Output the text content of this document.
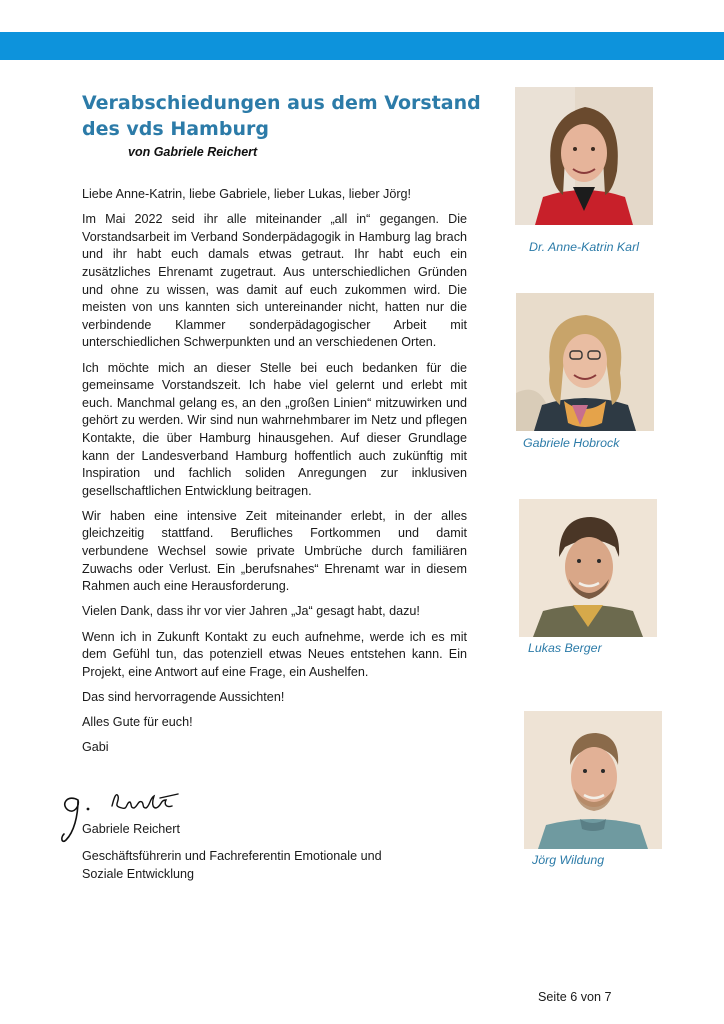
Verabschiedungen aus dem Vorstand
des vds Hamburg
von Gabriele Reichert

Liebe Anne-Katrin, liebe Gabriele, lieber Lukas, lieber Jörg!

Im Mai 2022 seid ihr alle miteinander „all in“ gegangen. Die Vorstandsarbeit im Verband Sonderpädagogik in Hamburg lag brach und ihr habt euch damals etwas getraut. Ihr habt euch ein zusätzliches Ehrenamt zugetraut. Aus unterschiedlichen Gründen und ohne zu wissen, was damit auf euch zukommen wird. Die meisten von uns kannten sich untereinander nicht, hatten nur die verbindende Klammer sonderpädagogischer Arbeit mit unterschiedlichen Schwerpunkten und an verschiedenen Orten.

Ich möchte mich an dieser Stelle bei euch bedanken für die gemeinsame Vorstandszeit. Ich habe viel gelernt und erlebt mit euch. Manchmal gelang es, an den „großen Linien“ mitzuwirken und gehört zu werden. Wir sind nun wahrnehmbarer im Netz und pflegen Kontakte, die über Hamburg hinausgehen. Auf dieser Grundlage kann der Landesverband Hamburg hoffentlich auch zukünftig mit Inspiration und fachlich soliden Anregungen zur inklusiven gesellschaftlichen Entwicklung beitragen.

Wir haben eine intensive Zeit miteinander erlebt, in der alles gleichzeitig stattfand. Berufliches Fortkommen und damit verbundene Wechsel sowie private Umbrüche durch familiären Zuwachs oder Verlust. Ein „berufsnahes“ Ehrenamt war in diesem Rahmen auch eine Herausforderung.

Vielen Dank, dass ihr vor vier Jahren „Ja“ gesagt habt, dazu!

Wenn ich in Zukunft Kontakt zu euch aufnehme, werde ich es mit dem Gefühl tun, das potenziell etwas Neues entstehen kann. Ein Projekt, eine Antwort auf eine Frage, ein Aushelfen.

Das sind hervorragende Aussichten!

Alles Gute für euch!

Gabi

Gabriele Reichert
Geschäftsführerin und Fachreferentin Emotionale und Soziale Entwicklung
Dr. Anne-Katrin Karl
Gabriele Hobrock
Lukas Berger
Jörg Wildung
Seite 6 von 7
